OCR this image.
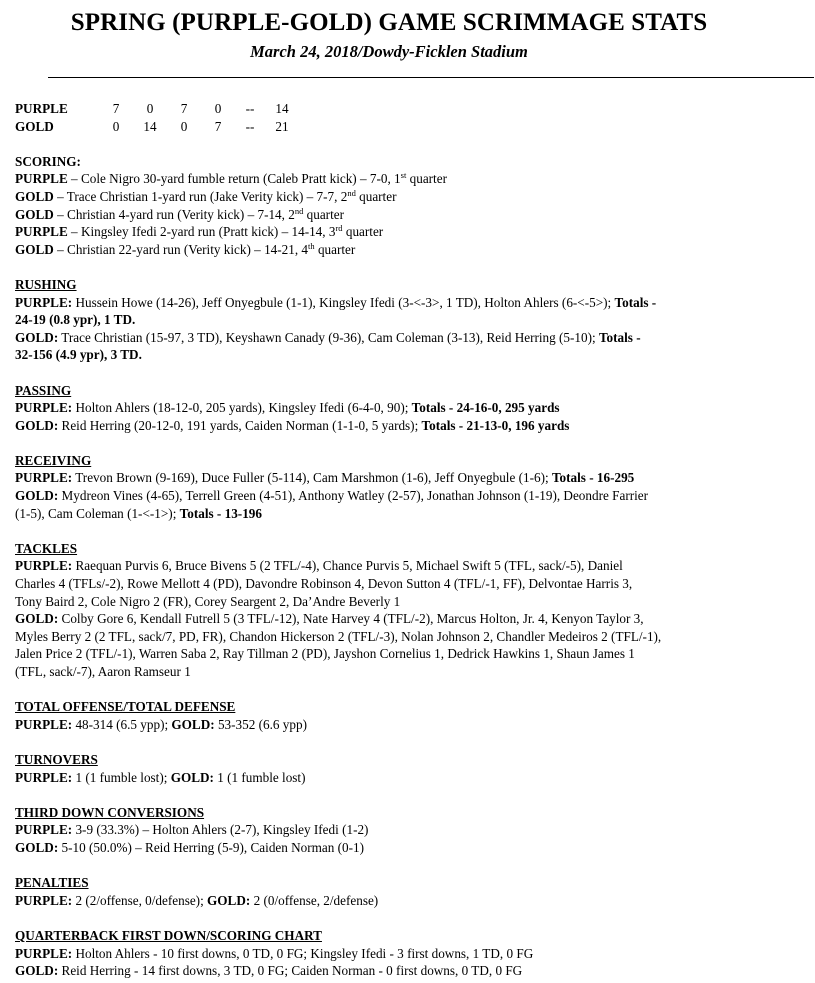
SPRING (PURPLE-GOLD) GAME SCRIMMAGE STATS
March 24, 2018/Dowdy-Ficklen Stadium
PURPLE	7	0	7	0	--	14
GOLD	0	14	0	7	--	21
SCORING:
PURPLE – Cole Nigro 30-yard fumble return (Caleb Pratt kick) – 7-0, 1st quarter
GOLD – Trace Christian 1-yard run (Jake Verity kick) – 7-7, 2nd quarter
GOLD – Christian 4-yard run (Verity kick) – 7-14, 2nd quarter
PURPLE – Kingsley Ifedi 2-yard run (Pratt kick) – 14-14, 3rd quarter
GOLD – Christian 22-yard run (Verity kick) – 14-21, 4th quarter
RUSHING
PURPLE: Hussein Howe (14-26), Jeff Onyegbule (1-1), Kingsley Ifedi (3-<-3>, 1 TD), Holton Ahlers (6-<-5>); Totals -
24-19 (0.8 ypr), 1 TD.
GOLD: Trace Christian (15-97, 3 TD), Keyshawn Canady (9-36), Cam Coleman (3-13), Reid Herring (5-10); Totals -
32-156 (4.9 ypr), 3 TD.
PASSING
PURPLE: Holton Ahlers (18-12-0, 205 yards), Kingsley Ifedi (6-4-0, 90); Totals - 24-16-0, 295 yards
GOLD: Reid Herring (20-12-0, 191 yards, Caiden Norman (1-1-0, 5 yards); Totals - 21-13-0, 196 yards
RECEIVING
PURPLE: Trevon Brown (9-169), Duce Fuller (5-114), Cam Marshmon (1-6), Jeff Onyegbule (1-6); Totals - 16-295
GOLD: Mydreon Vines (4-65), Terrell Green (4-51), Anthony Watley (2-57), Jonathan Johnson (1-19), Deondre Farrier
(1-5), Cam Coleman (1-<-1>); Totals - 13-196
TACKLES
PURPLE: Raequan Purvis 6, Bruce Bivens 5 (2 TFL/-4), Chance Purvis 5, Michael Swift 5 (TFL, sack/-5), Daniel
Charles 4 (TFLs/-2), Rowe Mellott 4 (PD), Davondre Robinson 4, Devon Sutton 4 (TFL/-1, FF), Delvontae Harris 3,
Tony Baird 2, Cole Nigro 2 (FR), Corey Seargent 2, Da’Andre Beverly 1
GOLD: Colby Gore 6, Kendall Futrell 5 (3 TFL/-12), Nate Harvey 4 (TFL/-2), Marcus Holton, Jr. 4, Kenyon Taylor 3,
Myles Berry 2 (2 TFL, sack/7, PD, FR), Chandon Hickerson 2 (TFL/-3), Nolan Johnson 2, Chandler Medeiros 2 (TFL/-1),
Jalen Price 2 (TFL/-1), Warren Saba 2, Ray Tillman 2 (PD), Jayshon Cornelius 1, Dedrick Hawkins 1, Shaun James 1
(TFL, sack/-7), Aaron Ramseur 1
TOTAL OFFENSE/TOTAL DEFENSE
PURPLE: 48-314 (6.5 ypp); GOLD: 53-352 (6.6 ypp)
TURNOVERS
PURPLE: 1 (1 fumble lost); GOLD: 1 (1 fumble lost)
THIRD DOWN CONVERSIONS
PURPLE: 3-9 (33.3%) – Holton Ahlers (2-7), Kingsley Ifedi (1-2)
GOLD: 5-10 (50.0%) – Reid Herring (5-9), Caiden Norman (0-1)
PENALTIES
PURPLE: 2 (2/offense, 0/defense); GOLD: 2 (0/offense, 2/defense)
QUARTERBACK FIRST DOWN/SCORING CHART
PURPLE: Holton Ahlers - 10 first downs, 0 TD, 0 FG; Kingsley Ifedi - 3 first downs, 1 TD, 0 FG
GOLD: Reid Herring - 14 first downs, 3 TD, 0 FG; Caiden Norman - 0 first downs, 0 TD, 0 FG
